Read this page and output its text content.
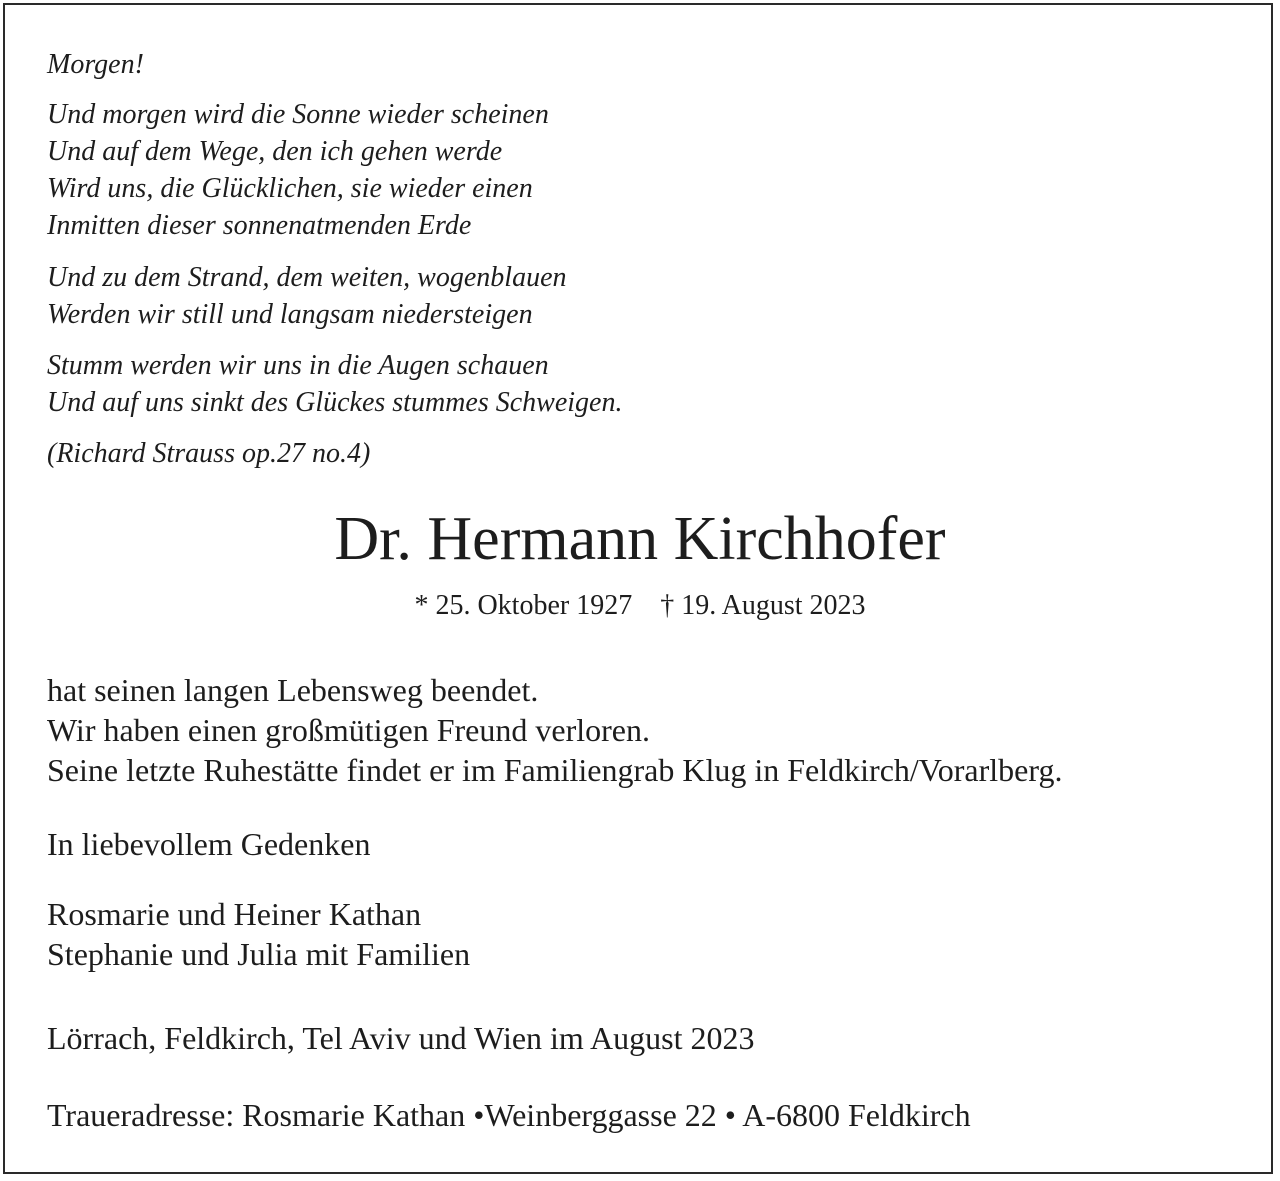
Morgen!
Und morgen wird die Sonne wieder scheinen
Und auf dem Wege, den ich gehen werde
Wird uns, die Glücklichen, sie wieder einen
Inmitten dieser sonnenatmenden Erde
Und zu dem Strand, dem weiten, wogenblauen
Werden wir still und langsam niedersteigen
Stumm werden wir uns in die Augen schauen
Und auf uns sinkt des Glückes stummes Schweigen.
(Richard Strauss op.27 no.4)
Dr. Hermann Kirchhofer
* 25. Oktober 1927 † 19. August 2023
hat seinen langen Lebensweg beendet.
Wir haben einen großmütigen Freund verloren.
Seine letzte Ruhestätte findet er im Familiengrab Klug in Feldkirch/Vorarlberg.
In liebevollem Gedenken
Rosmarie und Heiner Kathan
Stephanie und Julia mit Familien
Lörrach, Feldkirch, Tel Aviv und Wien im August 2023
Traueradresse: Rosmarie Kathan •Weinberggasse 22 • A-6800 Feldkirch
